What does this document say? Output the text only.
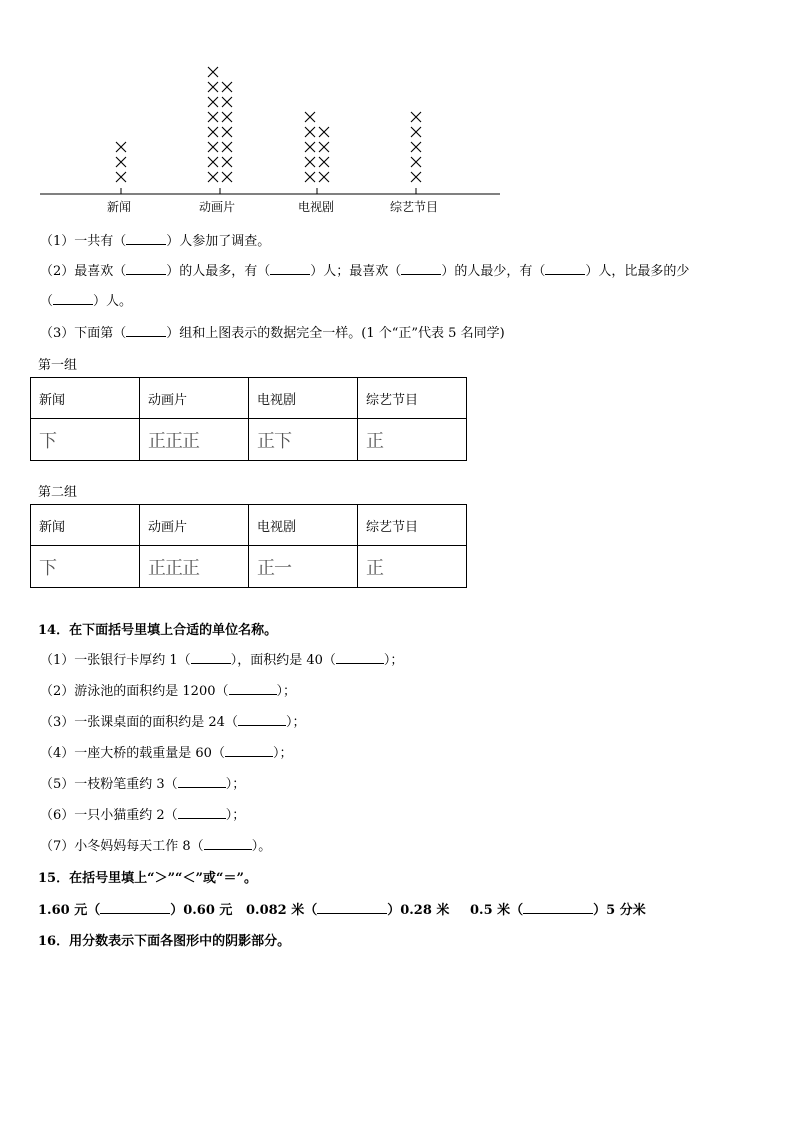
新闻	动画片	电视剧	综艺节目
（1）一共有（	）人参加了调查。
（2）最喜欢（	）的人最多，有（	）人；最喜欢（	）的人最少，有（	）人，比最多的少
（	）人。
（3）下面第（	）组和上图表示的数据完全一样。(1 个“正”代表 5 名同学)
第一组
新闻	动画片	电视剧	综艺节目
下	正正正	正下	正
第二组
新闻	动画片	电视剧	综艺节目
下	正正正	正一	正
14．在下面括号里填上合适的单位名称。
（1）一张银行卡厚约 1（	），面积约是 40（	）；
（2）游泳池的面积约是 1200（	）；
（3）一张课桌面的面积约是 24（	）；
（4）一座大桥的载重量是 60（	）；
（5）一枝粉笔重约 3（	）；
（6）一只小猫重约 2（	）；
（7）小冬妈妈每天工作 8（	）。
15．在括号里填上“＞”“＜”或“＝”。
1.60 元（	）0.60 元 0.082 米（	）0.28 米 0.5 米（	）5 分米
16．用分数表示下面各图形中的阴影部分。
